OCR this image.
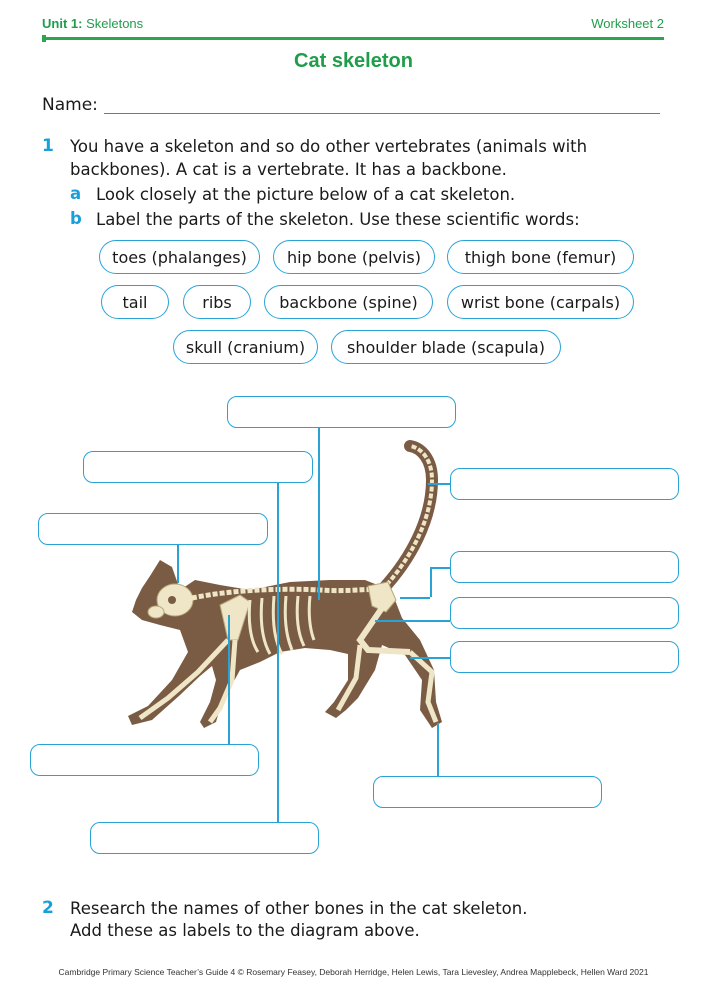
Unit 1: Skeletons	Worksheet 2
Cat skeleton
Name:
1 You have a skeleton and so do other vertebrates (animals with
backbones). A cat is a vertebrate. It has a backbone.
a Look closely at the picture below of a cat skeleton.
b Label the parts of the skeleton. Use these scientific words:
toes (phalanges)	hip bone (pelvis)	thigh bone (femur)
tail	ribs	backbone (spine)	wrist bone (carpals)
skull (cranium)	shoulder blade (scapula)
2 Research the names of other bones in the cat skeleton.
Add these as labels to the diagram above.
Cambridge Primary Science Teacher’s Guide 4 © Rosemary Feasey, Deborah Herridge, Helen Lewis, Tara Lievesley, Andrea Mapplebeck, Hellen Ward 2021
